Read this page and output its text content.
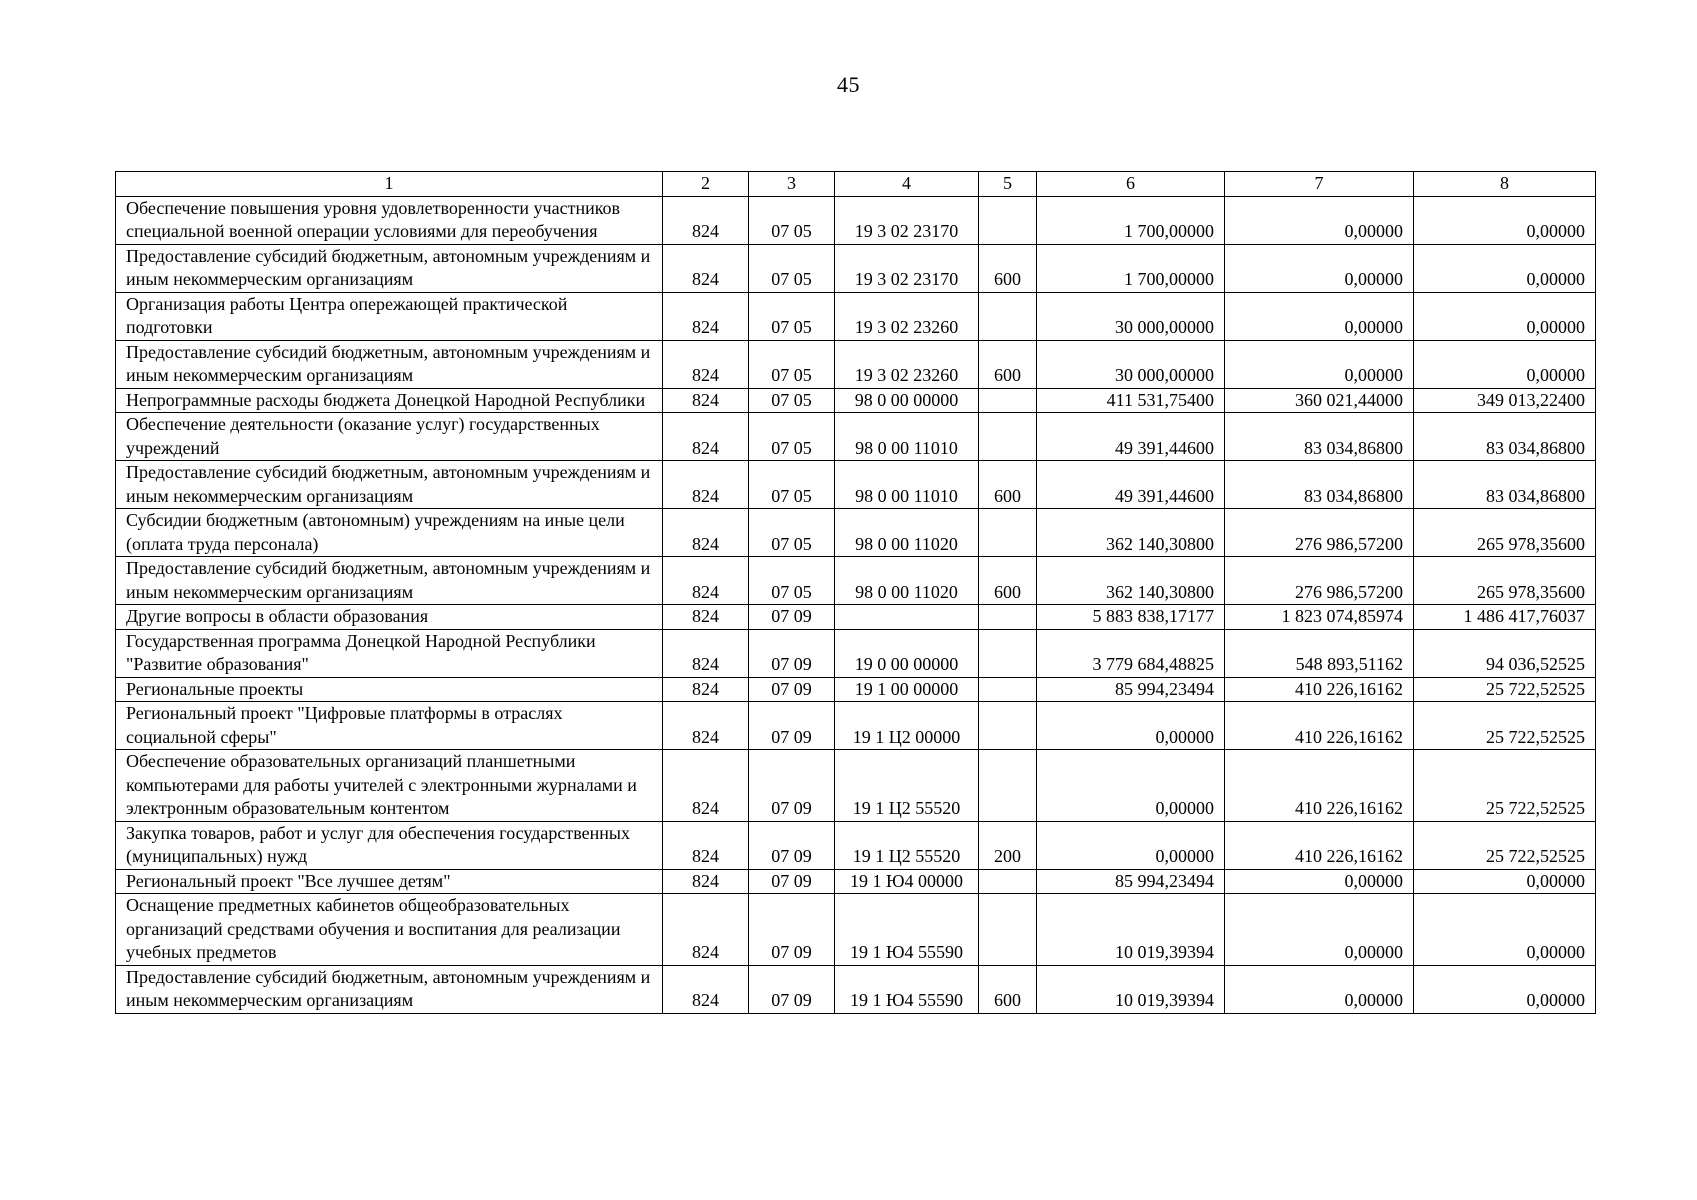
45
1	2	3	4	5	6	7	8
Обеспечение повышения уровня удовлетворенности участников специальной военной операции условиями для переобучения	824	07 05	19 3 02 23170		1 700,00000	0,00000	0,00000
Предоставление субсидий бюджетным, автономным учреждениям и иным некоммерческим организациям	824	07 05	19 3 02 23170	600	1 700,00000	0,00000	0,00000
Организация работы Центра опережающей практической подготовки	824	07 05	19 3 02 23260		30 000,00000	0,00000	0,00000
Предоставление субсидий бюджетным, автономным учреждениям и иным некоммерческим организациям	824	07 05	19 3 02 23260	600	30 000,00000	0,00000	0,00000
Непрограммные расходы бюджета Донецкой Народной Республики	824	07 05	98 0 00 00000		411 531,75400	360 021,44000	349 013,22400
Обеспечение деятельности (оказание услуг) государственных учреждений	824	07 05	98 0 00 11010		49 391,44600	83 034,86800	83 034,86800
Предоставление субсидий бюджетным, автономным учреждениям и иным некоммерческим организациям	824	07 05	98 0 00 11010	600	49 391,44600	83 034,86800	83 034,86800
Субсидии бюджетным (автономным) учреждениям на иные цели (оплата труда персонала)	824	07 05	98 0 00 11020		362 140,30800	276 986,57200	265 978,35600
Предоставление субсидий бюджетным, автономным учреждениям и иным некоммерческим организациям	824	07 05	98 0 00 11020	600	362 140,30800	276 986,57200	265 978,35600
Другие вопросы в области образования	824	07 09			5 883 838,17177	1 823 074,85974	1 486 417,76037
Государственная программа Донецкой Народной Республики "Развитие образования"	824	07 09	19 0 00 00000		3 779 684,48825	548 893,51162	94 036,52525
Региональные проекты	824	07 09	19 1 00 00000		85 994,23494	410 226,16162	25 722,52525
Региональный проект "Цифровые платформы в отраслях социальной сферы"	824	07 09	19 1 Ц2 00000		0,00000	410 226,16162	25 722,52525
Обеспечение образовательных организаций планшетными компьютерами для работы учителей с электронными журналами и электронным образовательным контентом	824	07 09	19 1 Ц2 55520		0,00000	410 226,16162	25 722,52525
Закупка товаров, работ и услуг для обеспечения государственных (муниципальных) нужд	824	07 09	19 1 Ц2 55520	200	0,00000	410 226,16162	25 722,52525
Региональный проект "Все лучшее детям"	824	07 09	19 1 Ю4 00000		85 994,23494	0,00000	0,00000
Оснащение предметных кабинетов общеобразовательных организаций средствами обучения и воспитания для реализации учебных предметов	824	07 09	19 1 Ю4 55590		10 019,39394	0,00000	0,00000
Предоставление субсидий бюджетным, автономным учреждениям и иным некоммерческим организациям	824	07 09	19 1 Ю4 55590	600	10 019,39394	0,00000	0,00000
